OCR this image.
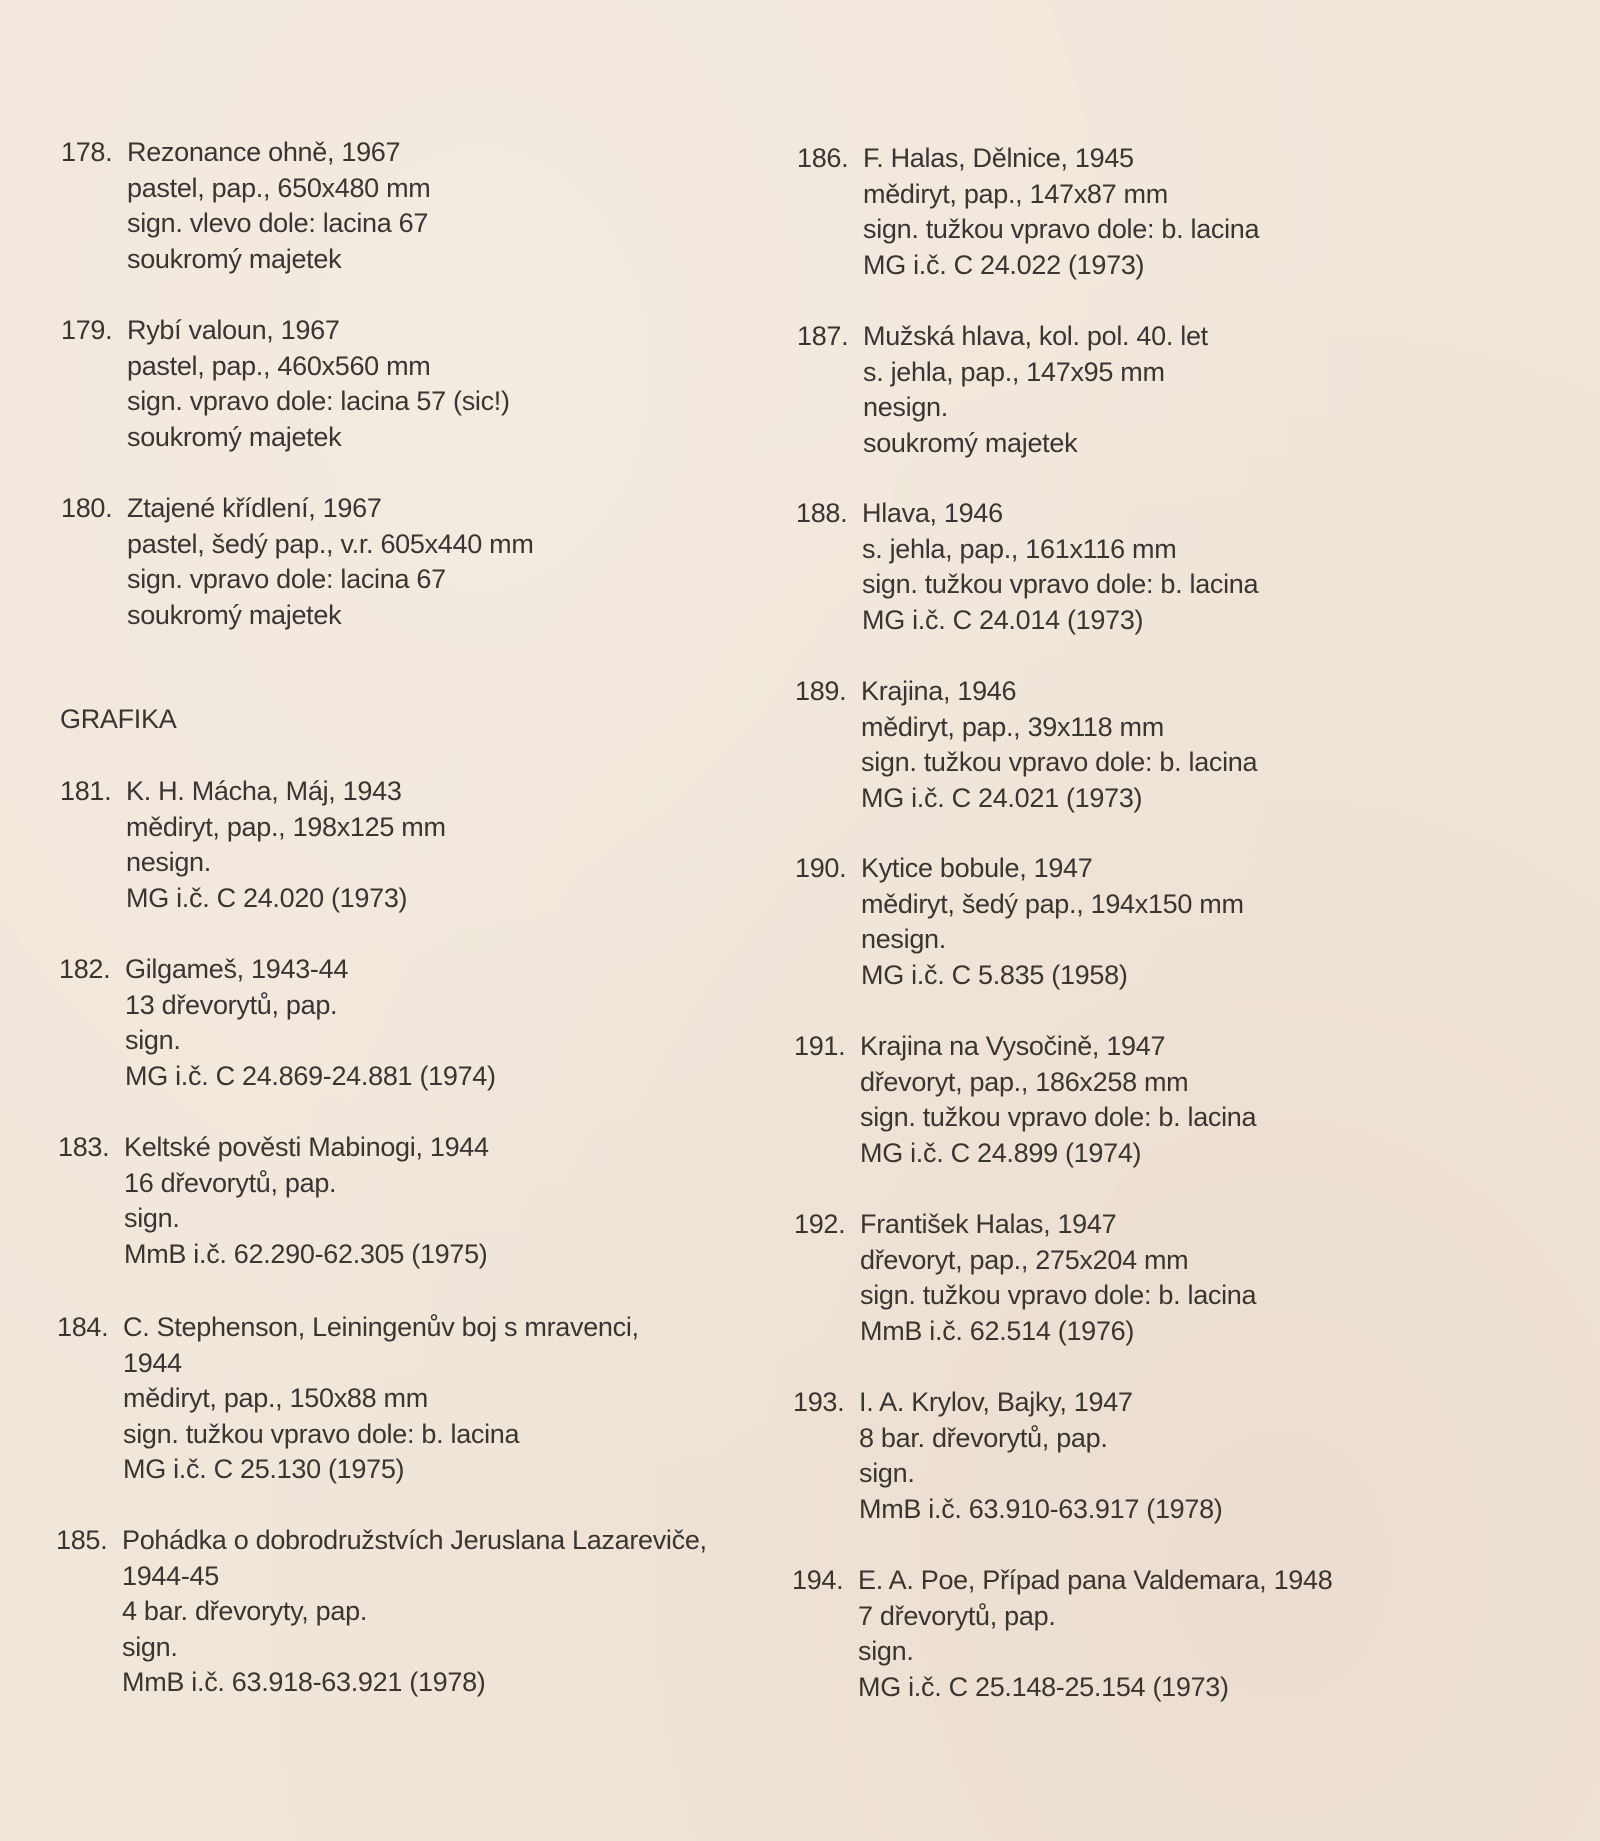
178. Rezonance ohně, 1967
pastel, pap., 650x480 mm
sign. vlevo dole: lacina 67
soukromý majetek
179. Rybí valoun, 1967
pastel, pap., 460x560 mm
sign. vpravo dole: lacina 57 (sic!)
soukromý majetek
180. Ztajené křídlení, 1967
pastel, šedý pap., v.r. 605x440 mm
sign. vpravo dole: lacina 67
soukromý majetek
GRAFIKA
181. K. H. Mácha, Máj, 1943
mědiryt, pap., 198x125 mm
nesign.
MG i.č. C 24.020 (1973)
182. Gilgameš, 1943-44
13 dřevorytů, pap.
sign.
MG i.č. C 24.869-24.881 (1974)
183. Keltské pověsti Mabinogi, 1944
16 dřevorytů, pap.
sign.
MmB i.č. 62.290-62.305 (1975)
184. C. Stephenson, Leiningenův boj s mravenci,
1944
mědiryt, pap., 150x88 mm
sign. tužkou vpravo dole: b. lacina
MG i.č. C 25.130 (1975)
185. Pohádka o dobrodružstvích Jeruslana Lazareviče,
1944-45
4 bar. dřevoryty, pap.
sign.
MmB i.č. 63.918-63.921 (1978)
186. F. Halas, Dělnice, 1945
mědiryt, pap., 147x87 mm
sign. tužkou vpravo dole: b. lacina
MG i.č. C 24.022 (1973)
187. Mužská hlava, kol. pol. 40. let
s. jehla, pap., 147x95 mm
nesign.
soukromý majetek
188. Hlava, 1946
s. jehla, pap., 161x116 mm
sign. tužkou vpravo dole: b. lacina
MG i.č. C 24.014 (1973)
189. Krajina, 1946
mědiryt, pap., 39x118 mm
sign. tužkou vpravo dole: b. lacina
MG i.č. C 24.021 (1973)
190. Kytice bobule, 1947
mědiryt, šedý pap., 194x150 mm
nesign.
MG i.č. C 5.835 (1958)
191. Krajina na Vysočině, 1947
dřevoryt, pap., 186x258 mm
sign. tužkou vpravo dole: b. lacina
MG i.č. C 24.899 (1974)
192. František Halas, 1947
dřevoryt, pap., 275x204 mm
sign. tužkou vpravo dole: b. lacina
MmB i.č. 62.514 (1976)
193. I. A. Krylov, Bajky, 1947
8 bar. dřevorytů, pap.
sign.
MmB i.č. 63.910-63.917 (1978)
194. E. A. Poe, Případ pana Valdemara, 1948
7 dřevorytů, pap.
sign.
MG i.č. C 25.148-25.154 (1973)
